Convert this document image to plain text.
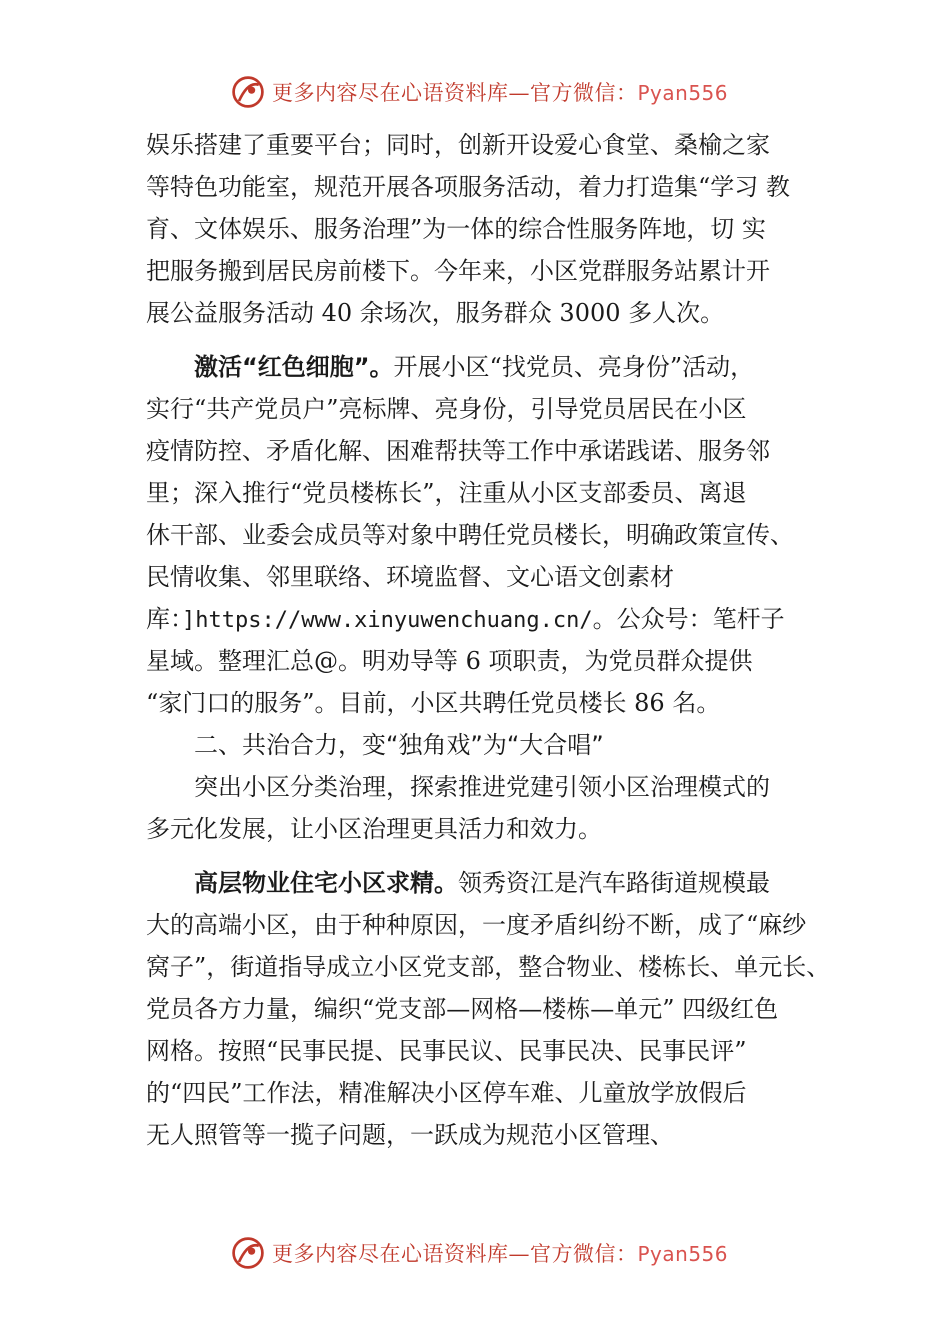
更多内容尽在心语资料库—官方微信：Pyan556
娱乐搭建了重要平台；同时，创新开设爱心食堂、桑榆之家
等特色功能室，规范开展各项服务活动，着力打造集“学习 教
育、文体娱乐、服务治理”为一体的综合性服务阵地，切 实
把服务搬到居民房前楼下。今年来，小区党群服务站累计开
展公益服务活动 40 余场次，服务群众 3000 多人次。
激活“红色细胞”。开展小区“找党员、亮身份”活动，
实行“共产党员户”亮标牌、亮身份，引导党员居民在小区
疫情防控、矛盾化解、困难帮扶等工作中承诺践诺、服务邻
里；深入推行“党员楼栋长”，注重从小区支部委员、离退
休干部、业委会成员等对象中聘任党员楼长，明确政策宣传、
民情收集、邻里联络、环境监督、文心语文创素材
库：]https://www.xinyuwenchuang.cn/。公众号：笔杆子
星域。整理汇总@。明劝导等 6 项职责，为党员群众提供
“家门口的服务”。目前，小区共聘任党员楼长 86 名。
二、共治合力，变“独角戏”为“大合唱”
突出小区分类治理，探索推进党建引领小区治理模式的
多元化发展，让小区治理更具活力和效力。
高层物业住宅小区求精。领秀资江是汽车路街道规模最
大的高端小区，由于种种原因，一度矛盾纠纷不断，成了“麻纱
窝子”，街道指导成立小区党支部，整合物业、楼栋长、单元长、
党员各方力量，编织“党支部—网格—楼栋—单元” 四级红色
网格。按照“民事民提、民事民议、民事民决、民事民评”
的“四民”工作法，精准解决小区停车难、儿童放学放假后
无人照管等一揽子问题，一跃成为规范小区管理、
更多内容尽在心语资料库—官方微信：Pyan556
